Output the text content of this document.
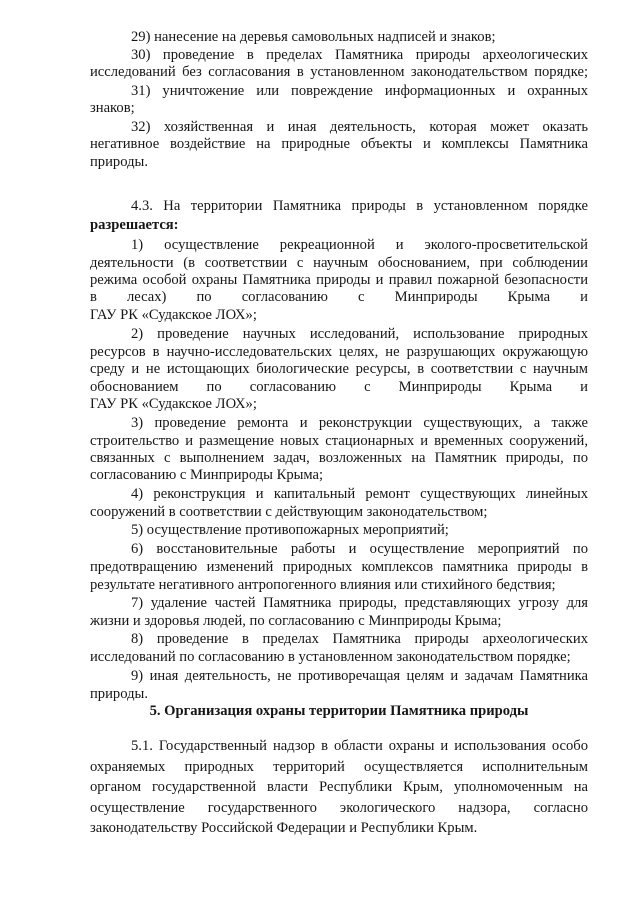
29) нанесение на деревья самовольных надписей и знаков;
30) проведение в пределах Памятника природы археологических
исследований без согласования в установленном законодательством порядке;
31) уничтожение или повреждение информационных и охранных
знаков;
32) хозяйственная и иная деятельность, которая может оказать
негативное воздействие на природные объекты и комплексы Памятника
природы.
4.3. На территории Памятника природы в установленном порядке
разрешается:
1) осуществление рекреационной и эколого-просветительской
деятельности (в соответствии с научным обоснованием, при соблюдении
режима особой охраны Памятника природы и правил пожарной безопасности
в лесах) по согласованию с Минприроды Крыма и
ГАУ РК «Судакское ЛОХ»;
2) проведение научных исследований, использование природных
ресурсов в научно-исследовательских целях, не разрушающих окружающую
среду и не истощающих биологические ресурсы, в соответствии с научным
обоснованием по согласованию с Минприроды Крыма и
ГАУ РК «Судакское ЛОХ»;
3) проведение ремонта и реконструкции существующих, а также
строительство и размещение новых стационарных и временных сооружений,
связанных с выполнением задач, возложенных на Памятник природы, по
согласованию с Минприроды Крыма;
4) реконструкция и капитальный ремонт существующих линейных
сооружений в соответствии с действующим законодательством;
5) осуществление противопожарных мероприятий;
6) восстановительные работы и осуществление мероприятий по
предотвращению изменений природных комплексов памятника природы в
результате негативного антропогенного влияния или стихийного бедствия;
7) удаление частей Памятника природы, представляющих угрозу для
жизни и здоровья людей, по согласованию с Минприроды Крыма;
8) проведение в пределах Памятника природы археологических
исследований по согласованию в установленном законодательством порядке;
9) иная деятельность, не противоречащая целям и задачам Памятника
природы.
5. Организация охраны территории Памятника природы
5.1. Государственный надзор в области охраны и использования особо
охраняемых природных территорий осуществляется исполнительным
органом государственной власти Республики Крым, уполномоченным на
осуществление государственного экологического надзора, согласно
законодательству Российской Федерации и Республики Крым.
